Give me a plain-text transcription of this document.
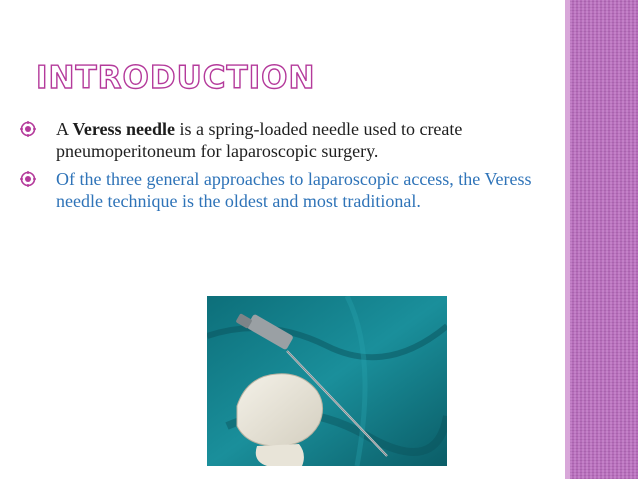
INTRODUCTION
A Veress needle is a spring-loaded needle used to create pneumoperitoneum for laparoscopic surgery.
Of the three general approaches to laparoscopic access, the Veress needle technique is the oldest and most traditional.
